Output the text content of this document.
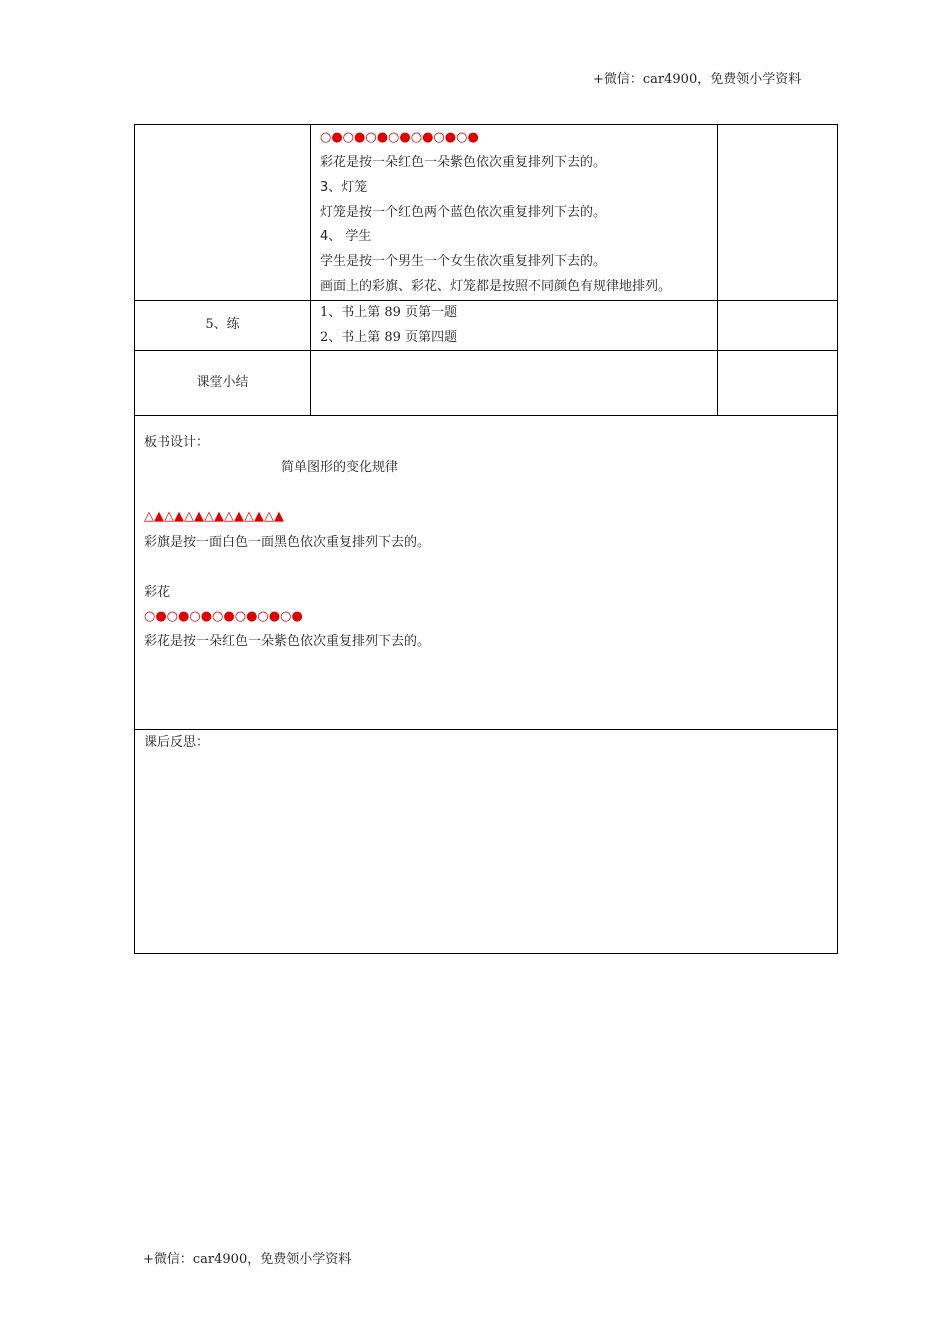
+微信：car4900，免费领小学资料
○●○●○●○●○●○●○●
彩花是按一朵红色一朵紫色依次重复排列下去的。
3、灯笼
灯笼是按一个红色两个蓝色依次重复排列下去的。
4、 学生
学生是按一个男生一个女生依次重复排列下去的。
画面上的彩旗、彩花、灯笼都是按照不同颜色有规律地排列。
5、练
1、书上第 89 页第一题
2、书上第 89 页第四题
课堂小结
板书设计：
简单图形的变化规律
△▲△▲△▲△▲△▲△▲△▲
彩旗是按一面白色一面黑色依次重复排列下去的。
彩花
○●○●○●○●○●○●○●
彩花是按一朵红色一朵紫色依次重复排列下去的。
课后反思：
+微信：car4900，免费领小学资料
